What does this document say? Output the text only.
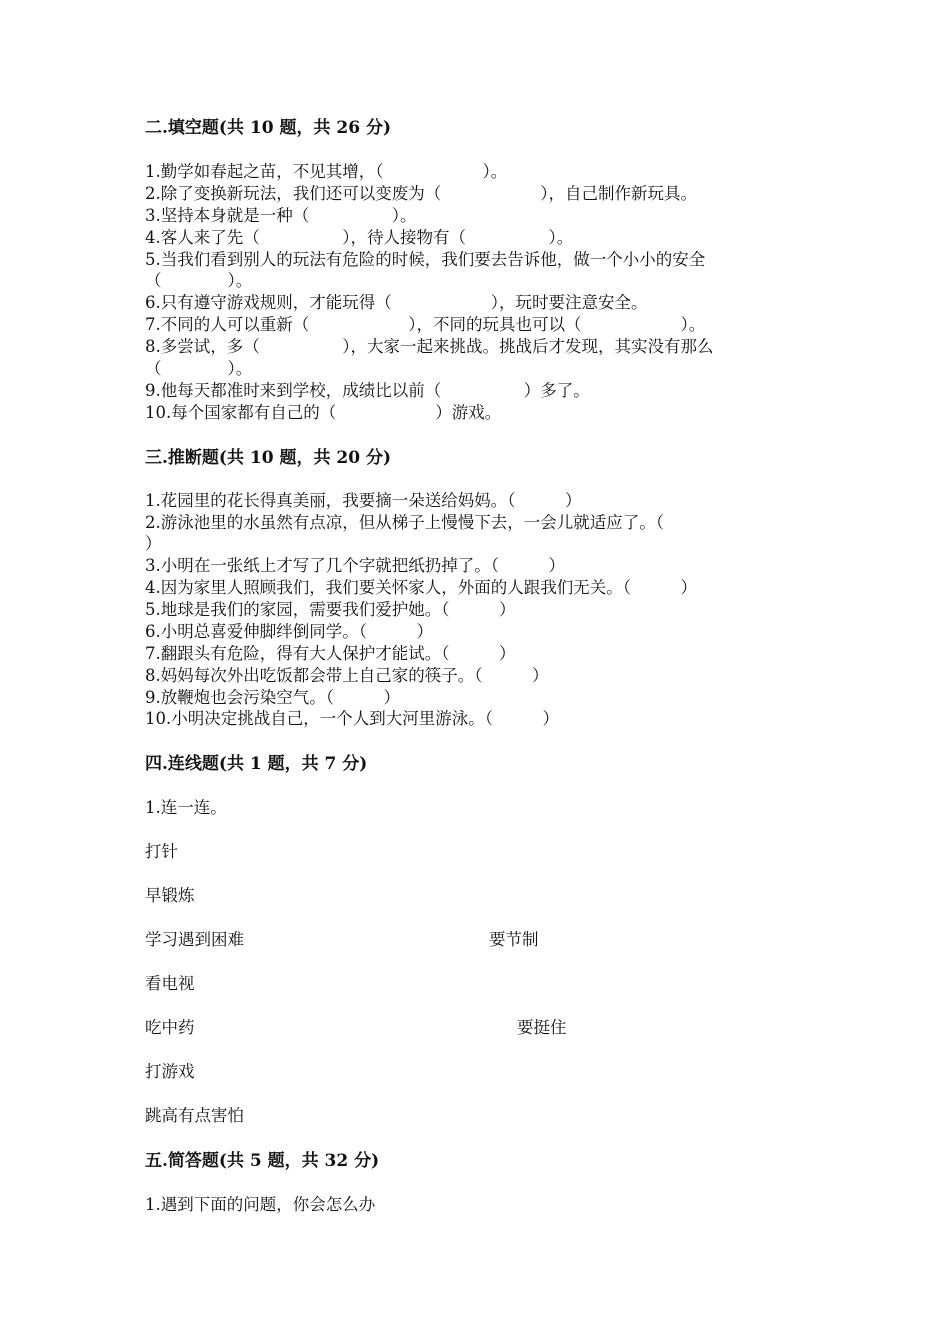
二.填空题(共 10 题，共 26 分)
1.勤学如春起之苗，不见其增，（　　　　　　）。
2.除了变换新玩法，我们还可以变废为（　　　　　　），自己制作新玩具。
3.坚持本身就是一种（　　　　　）。
4.客人来了先（　　　　　），待人接物有（　　　　　）。
5.当我们看到别人的玩法有危险的时候，我们要去告诉他，做一个小小的安全
（　　　　）。
6.只有遵守游戏规则，才能玩得（　　　　　　），玩时要注意安全。
7.不同的人可以重新（　　　　　　），不同的玩具也可以（　　　　　　）。
8.多尝试，多（　　　　　），大家一起来挑战。挑战后才发现，其实没有那么
（　　　　）。
9.他每天都准时来到学校，成绩比以前（　　　　　）多了。
10.每个国家都有自己的（　　　　　　）游戏。
三.推断题(共 10 题，共 20 分)
1.花园里的花长得真美丽，我要摘一朵送给妈妈。（　　　）
2.游泳池里的水虽然有点凉，但从梯子上慢慢下去，一会儿就适应了。（
）
3.小明在一张纸上才写了几个字就把纸扔掉了。（　　　）
4.因为家里人照顾我们，我们要关怀家人，外面的人跟我们无关。（　　　）
5.地球是我们的家园，需要我们爱护她。（　　　）
6.小明总喜爱伸脚绊倒同学。（　　　）
7.翻跟头有危险，得有大人保护才能试。（　　　）
8.妈妈每次外出吃饭都会带上自己家的筷子。（　　　）
9.放鞭炮也会污染空气。（　　　）
10.小明决定挑战自己，一个人到大河里游泳。（　　　）
四.连线题(共 1 题，共 7 分)
1.连一连。
打针
早锻炼
学习遇到困难	要节制
看电视
吃中药	要挺住
打游戏
跳高有点害怕
五.简答题(共 5 题，共 32 分)
1.遇到下面的问题，你会怎么办
